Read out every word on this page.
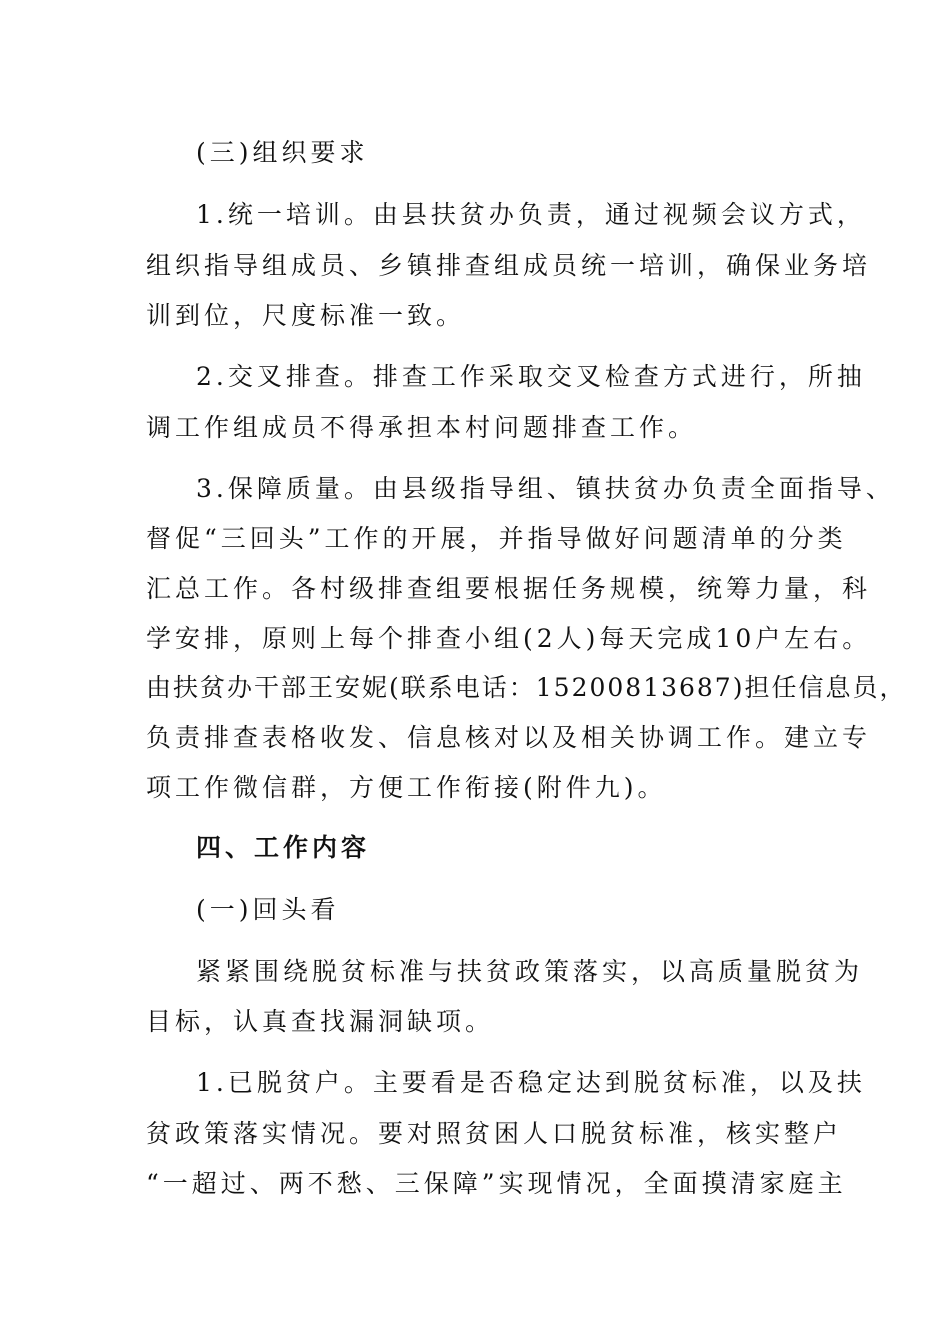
(三)组织要求
1.统一培训。由县扶贫办负责，通过视频会议方式，
组织指导组成员、乡镇排查组成员统一培训，确保业务培
训到位，尺度标准一致。
2.交叉排查。排查工作采取交叉检查方式进行，所抽
调工作组成员不得承担本村问题排查工作。
3.保障质量。由县级指导组、镇扶贫办负责全面指导、
督促“三回头”工作的开展，并指导做好问题清单的分类
汇总工作。各村级排查组要根据任务规模，统筹力量，科
学安排，原则上每个排查小组(2人)每天完成10户左右。
由扶贫办干部王安妮(联系电话：15200813687)担任信息员，
负责排查表格收发、信息核对以及相关协调工作。建立专
项工作微信群，方便工作衔接(附件九)。
四、工作内容
(一)回头看
紧紧围绕脱贫标准与扶贫政策落实，以高质量脱贫为
目标，认真查找漏洞缺项。
1.已脱贫户。主要看是否稳定达到脱贫标准，以及扶
贫政策落实情况。要对照贫困人口脱贫标准，核实整户
“一超过、两不愁、三保障”实现情况，全面摸清家庭主
